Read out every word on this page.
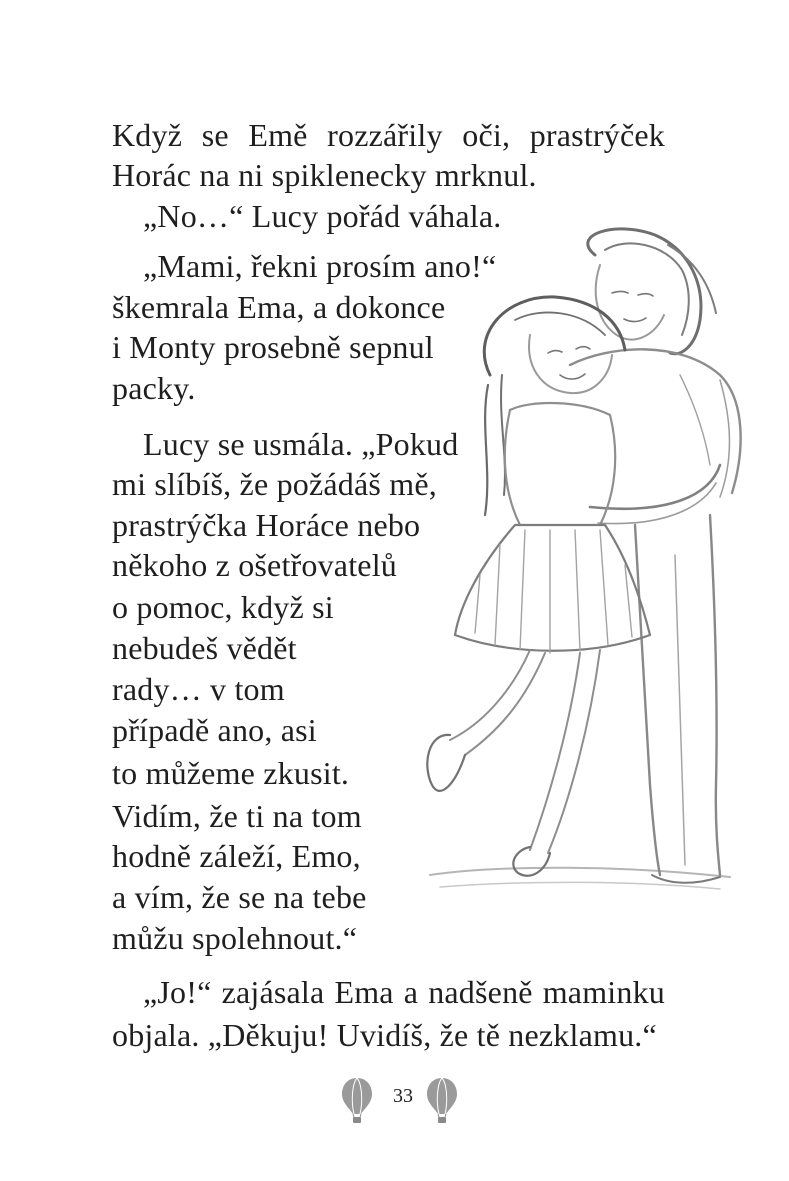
Když se Emě rozzářily oči, prastrýček

Horác na ni spiklenecky mrknul.

„No…“ Lucy pořád váhala.

„Mami, řekni prosím ano!“

škemrala Ema, a dokonce

i Monty prosebně sepnul

packy.

Lucy se usmála. „Pokud

mi slíbíš, že požádáš mě,

prastrýčka Horáce nebo

někoho z ošetřovatelů

o pomoc, když si

nebudeš vědět

rady… v tom

případě ano, asi

to můžeme zkusit.

Vidím, že ti na tom

hodně záleží, Emo,

a vím, že se na tebe

můžu spolehnout.“

„Jo!“ zajásala Ema a nadšeně maminku

objala. „Děkuju! Uvidíš, že tě nezklamu.“

33
